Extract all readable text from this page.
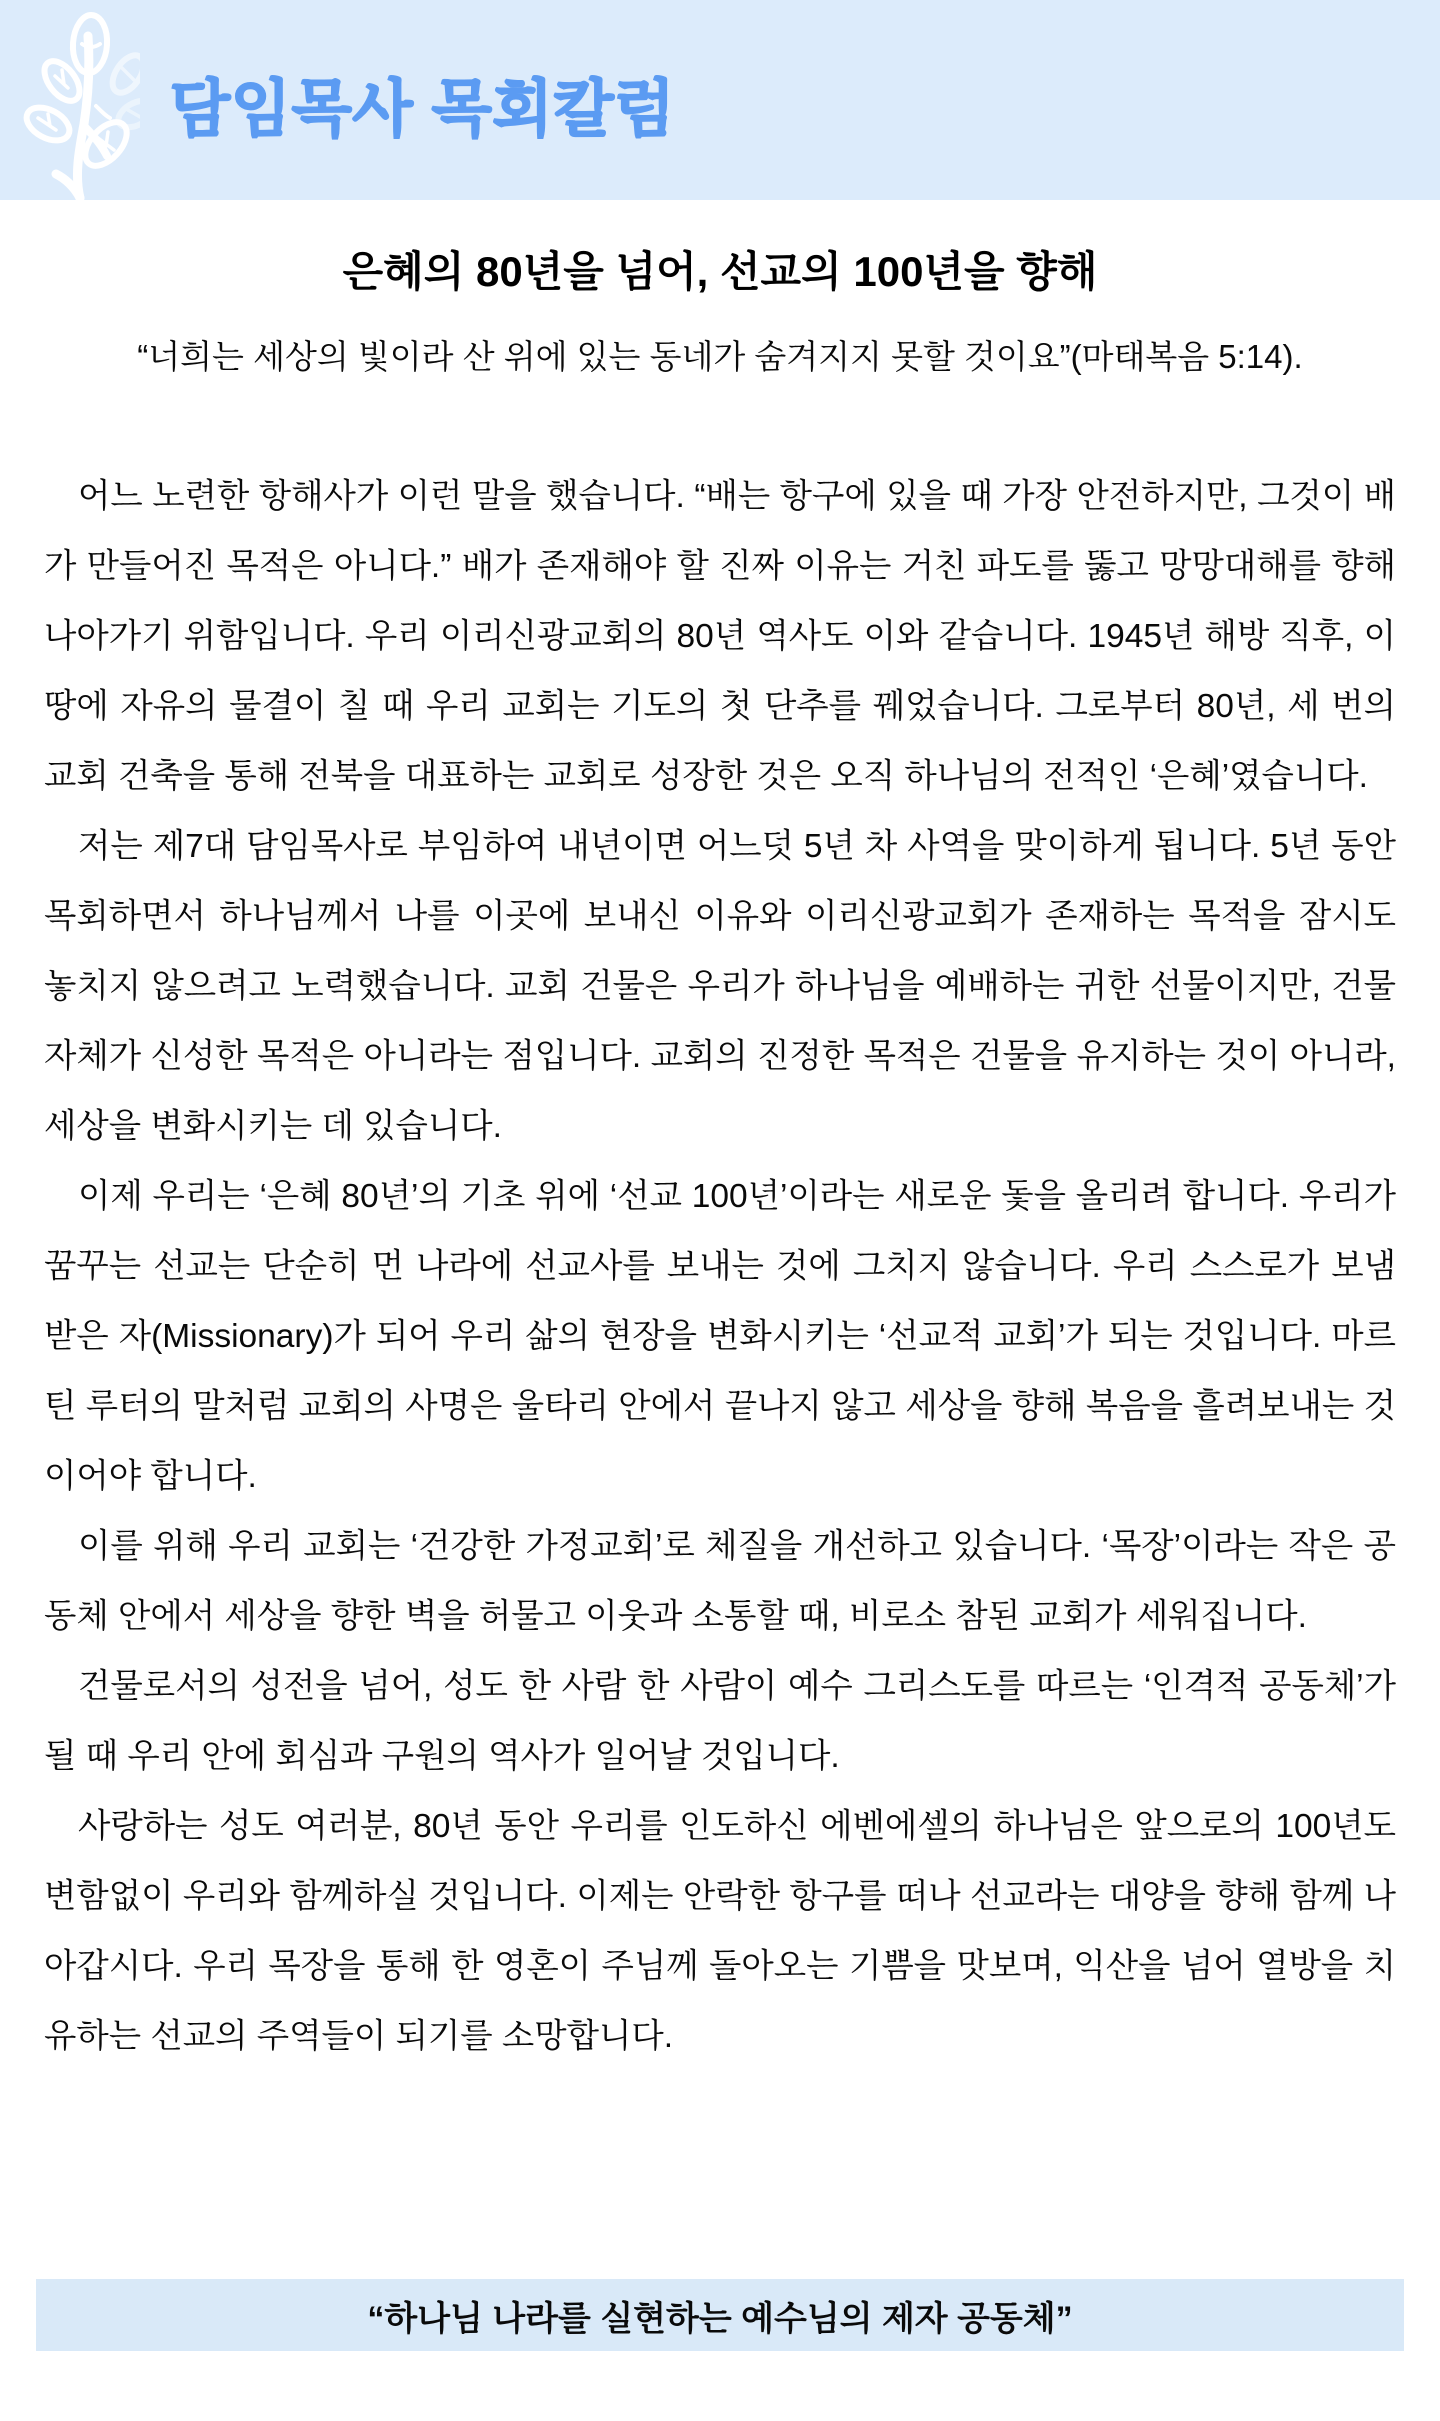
담임목사 목회칼럼
은혜의 80년을 넘어, 선교의 100년을 향해
“너희는 세상의 빛이라 산 위에 있는 동네가 숨겨지지 못할 것이요”(마태복음 5:14).

어느 노련한 항해사가 이런 말을 했습니다. “배는 항구에 있을 때 가장 안전하지만, 그것이 배가 만들어진 목적은 아니다.” 배가 존재해야 할 진짜 이유는 거친 파도를 뚫고 망망대해를 향해 나아가기 위함입니다. 우리 이리신광교회의 80년 역사도 이와 같습니다. 1945년 해방 직후, 이 땅에 자유의 물결이 칠 때 우리 교회는 기도의 첫 단추를 꿰었습니다. 그로부터 80년, 세 번의 교회 건축을 통해 전북을 대표하는 교회로 성장한 것은 오직 하나님의 전적인 ‘은혜’였습니다.

저는 제7대 담임목사로 부임하여 내년이면 어느덧 5년 차 사역을 맞이하게 됩니다. 5년 동안 목회하면서 하나님께서 나를 이곳에 보내신 이유와 이리신광교회가 존재하는 목적을 잠시도 놓치지 않으려고 노력했습니다. 교회 건물은 우리가 하나님을 예배하는 귀한 선물이지만, 건물 자체가 신성한 목적은 아니라는 점입니다. 교회의 진정한 목적은 건물을 유지하는 것이 아니라, 세상을 변화시키는 데 있습니다.

이제 우리는 ‘은혜 80년’의 기초 위에 ‘선교 100년’이라는 새로운 돛을 올리려 합니다. 우리가 꿈꾸는 선교는 단순히 먼 나라에 선교사를 보내는 것에 그치지 않습니다. 우리 스스로가 보냄 받은 자(Missionary)가 되어 우리 삶의 현장을 변화시키는 ‘선교적 교회’가 되는 것입니다. 마르틴 루터의 말처럼 교회의 사명은 울타리 안에서 끝나지 않고 세상을 향해 복음을 흘려보내는 것이어야 합니다.

이를 위해 우리 교회는 ‘건강한 가정교회’로 체질을 개선하고 있습니다. ‘목장’이라는 작은 공동체 안에서 세상을 향한 벽을 허물고 이웃과 소통할 때, 비로소 참된 교회가 세워집니다.

건물로서의 성전을 넘어, 성도 한 사람 한 사람이 예수 그리스도를 따르는 ‘인격적 공동체’가 될 때 우리 안에 회심과 구원의 역사가 일어날 것입니다.

사랑하는 성도 여러분, 80년 동안 우리를 인도하신 에벤에셀의 하나님은 앞으로의 100년도 변함없이 우리와 함께하실 것입니다. 이제는 안락한 항구를 떠나 선교라는 대양을 향해 함께 나아갑시다. 우리 목장을 통해 한 영혼이 주님께 돌아오는 기쁨을 맛보며, 익산을 넘어 열방을 치유하는 선교의 주역들이 되기를 소망합니다.

“하나님 나라를 실현하는 예수님의 제자 공동체”
